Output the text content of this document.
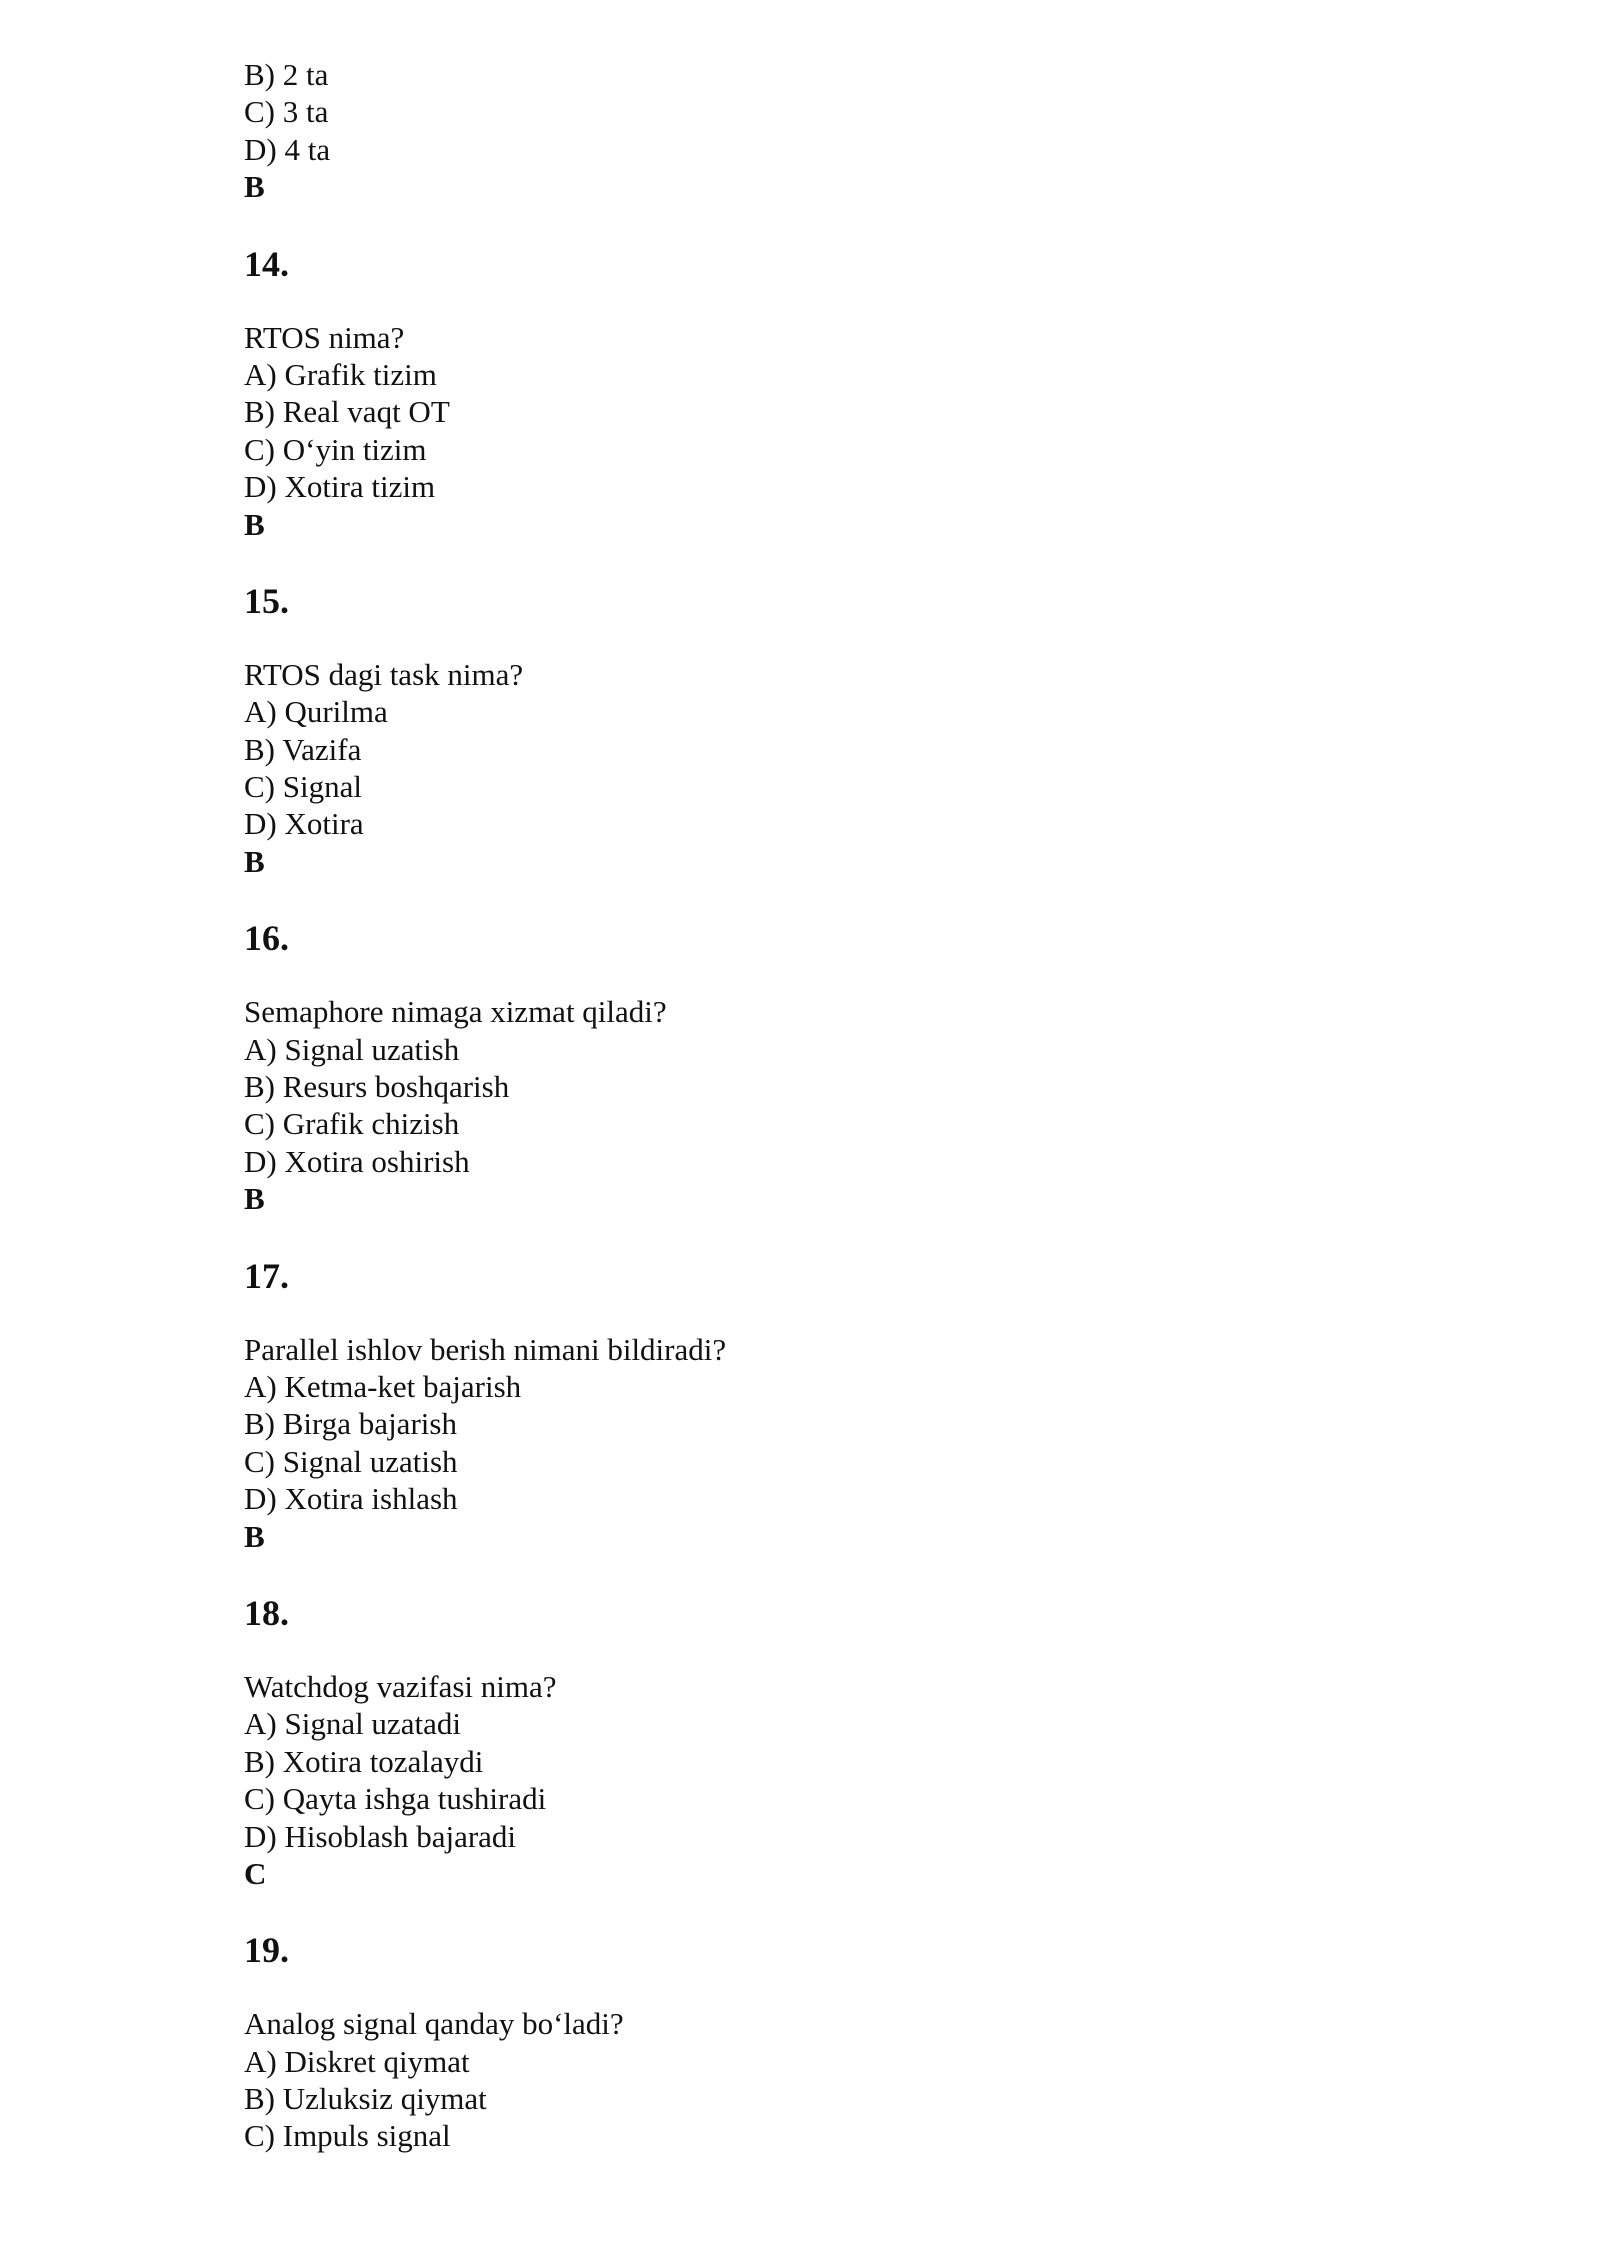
B) 2 ta

C) 3 ta

D) 4 ta

B

14.

RTOS nima?

A) Grafik tizim

B) Real vaqt OT

C) O‘yin tizim

D) Xotira tizim

B

15.

RTOS dagi task nima?

A) Qurilma

B) Vazifa

C) Signal

D) Xotira

B

16.

Semaphore nimaga xizmat qiladi?

A) Signal uzatish

B) Resurs boshqarish

C) Grafik chizish

D) Xotira oshirish

B

17.

Parallel ishlov berish nimani bildiradi?

A) Ketma-ket bajarish

B) Birga bajarish

C) Signal uzatish

D) Xotira ishlash

B

18.

Watchdog vazifasi nima?

A) Signal uzatadi

B) Xotira tozalaydi

C) Qayta ishga tushiradi

D) Hisoblash bajaradi

C

19.

Analog signal qanday bo‘ladi?

A) Diskret qiymat

B) Uzluksiz qiymat

C) Impuls signal
